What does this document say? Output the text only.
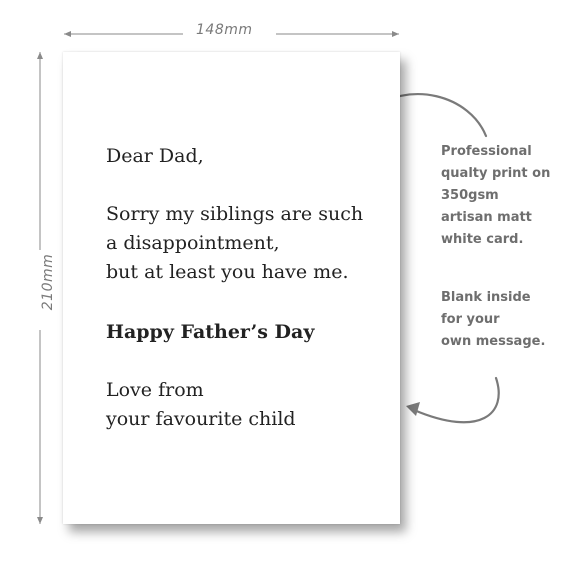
148mm
210mm
Dear Dad,
Sorry my siblings are such
a disappointment,
but at least you have me.
Happy Father’s Day
Love from
your favourite child
Professional
qualty print on
350gsm
artisan matt
white card.
Blank inside
for your
own message.
